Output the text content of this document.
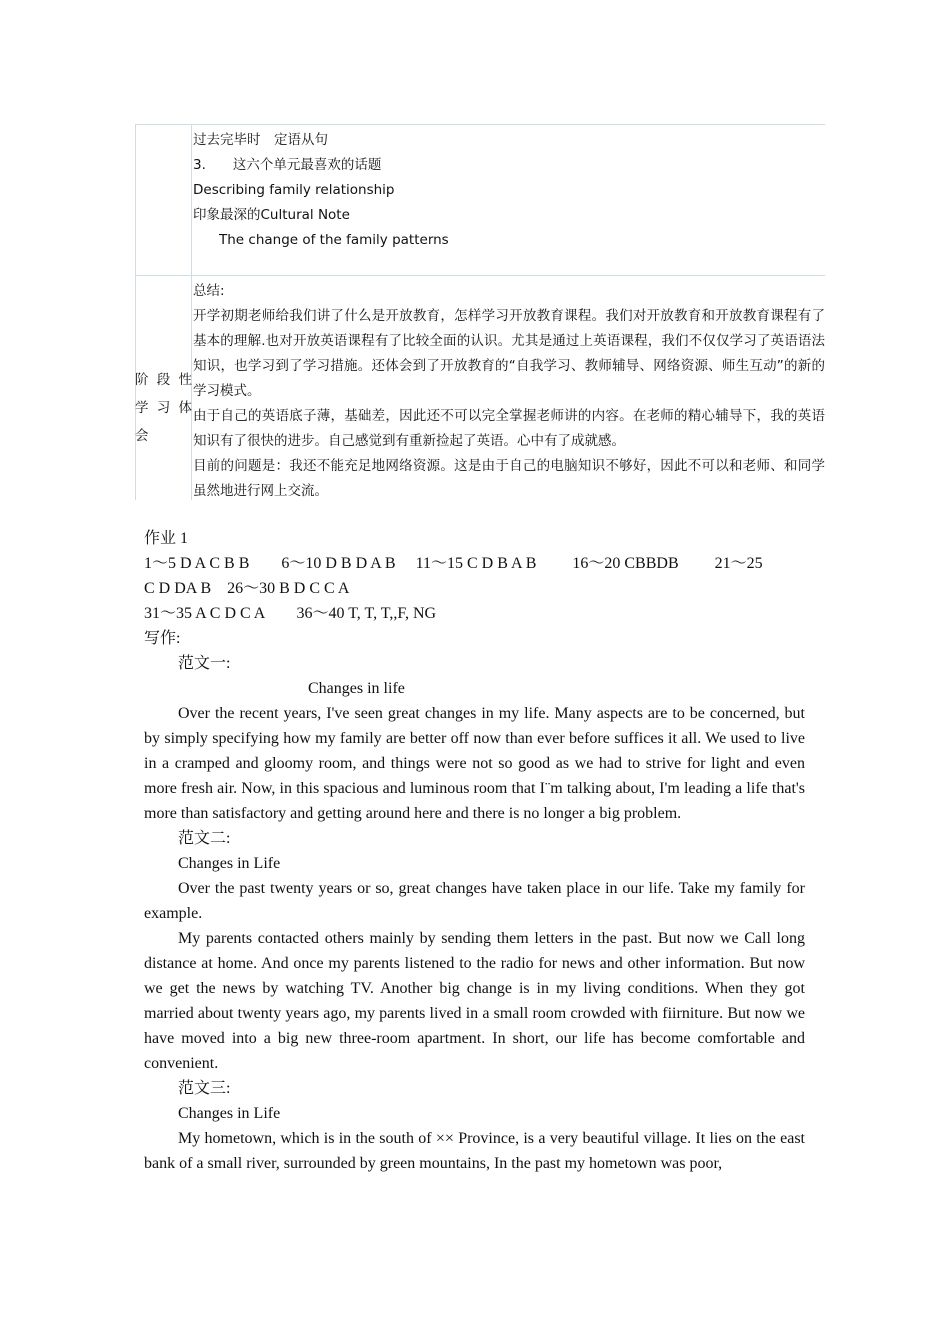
过去完毕时　定语从句
3.　　这六个单元最喜欢的话题
Describing family relationship
印象最深的Cultural Note
The change of the family patterns
阶 段 性
学 习 体
会
总结:
开学初期老师给我们讲了什么是开放教育，怎样学习开放教育课程。我们对开放教育和开放教育课程有了基本的理解.也对开放英语课程有了比较全面的认识。尤其是通过上英语课程，我们不仅仅学习了英语语法知识，也学习到了学习措施。还体会到了开放教育的“自我学习、教师辅导、网络资源、师生互动”的新的学习模式。
由于自己的英语底子薄，基础差，因此还不可以完全掌握老师讲的内容。在老师的精心辅导下，我的英语知识有了很快的进步。自己感觉到有重新捡起了英语。心中有了成就感。
目前的问题是：我还不能充足地网络资源。这是由于自己的电脑知识不够好，因此不可以和老师、和同学虽然地进行网上交流。

作业 1

1～5 D A C B B　　6～10 D B D A B　 11～15 C D B A B　　 16～20 CBBDB　　 21～25

C D DA B　26～30 B D C C A

31～35 A C D C A　　36～40 T, T, T,,F, NG

写作:

范文一:

Changes in life

Over the recent years, I've seen great changes in my life. Many aspects are to be concerned, but by simply specifying how my family are better off now than ever before suffices it all. We used to live in a cramped and gloomy room, and things were not so good as we had to strive for light and even more fresh air. Now, in this spacious and luminous room that I¨m talking about, I'm leading a life that's more than satisfactory and getting around here and there is no longer a big problem.

范文二:

Changes in Life

Over the past twenty years or so, great changes have taken place in our life. Take my family for example.

My parents contacted others mainly by sending them letters in the past. But now we Call long distance at home. And once my parents listened to the radio for news and other information. But now we get the news by watching TV. Another big change is in my living conditions. When they got married about twenty years ago, my parents lived in a small room crowded with fiirniture. But now we have moved into a big new three-room apartment. In short, our life has become comfortable and convenient.

范文三:

Changes in Life

My hometown, which is in the south of ×× Province, is a very beautiful village. It lies on the east bank of a small river, surrounded by green mountains, In the past my hometown was poor,
